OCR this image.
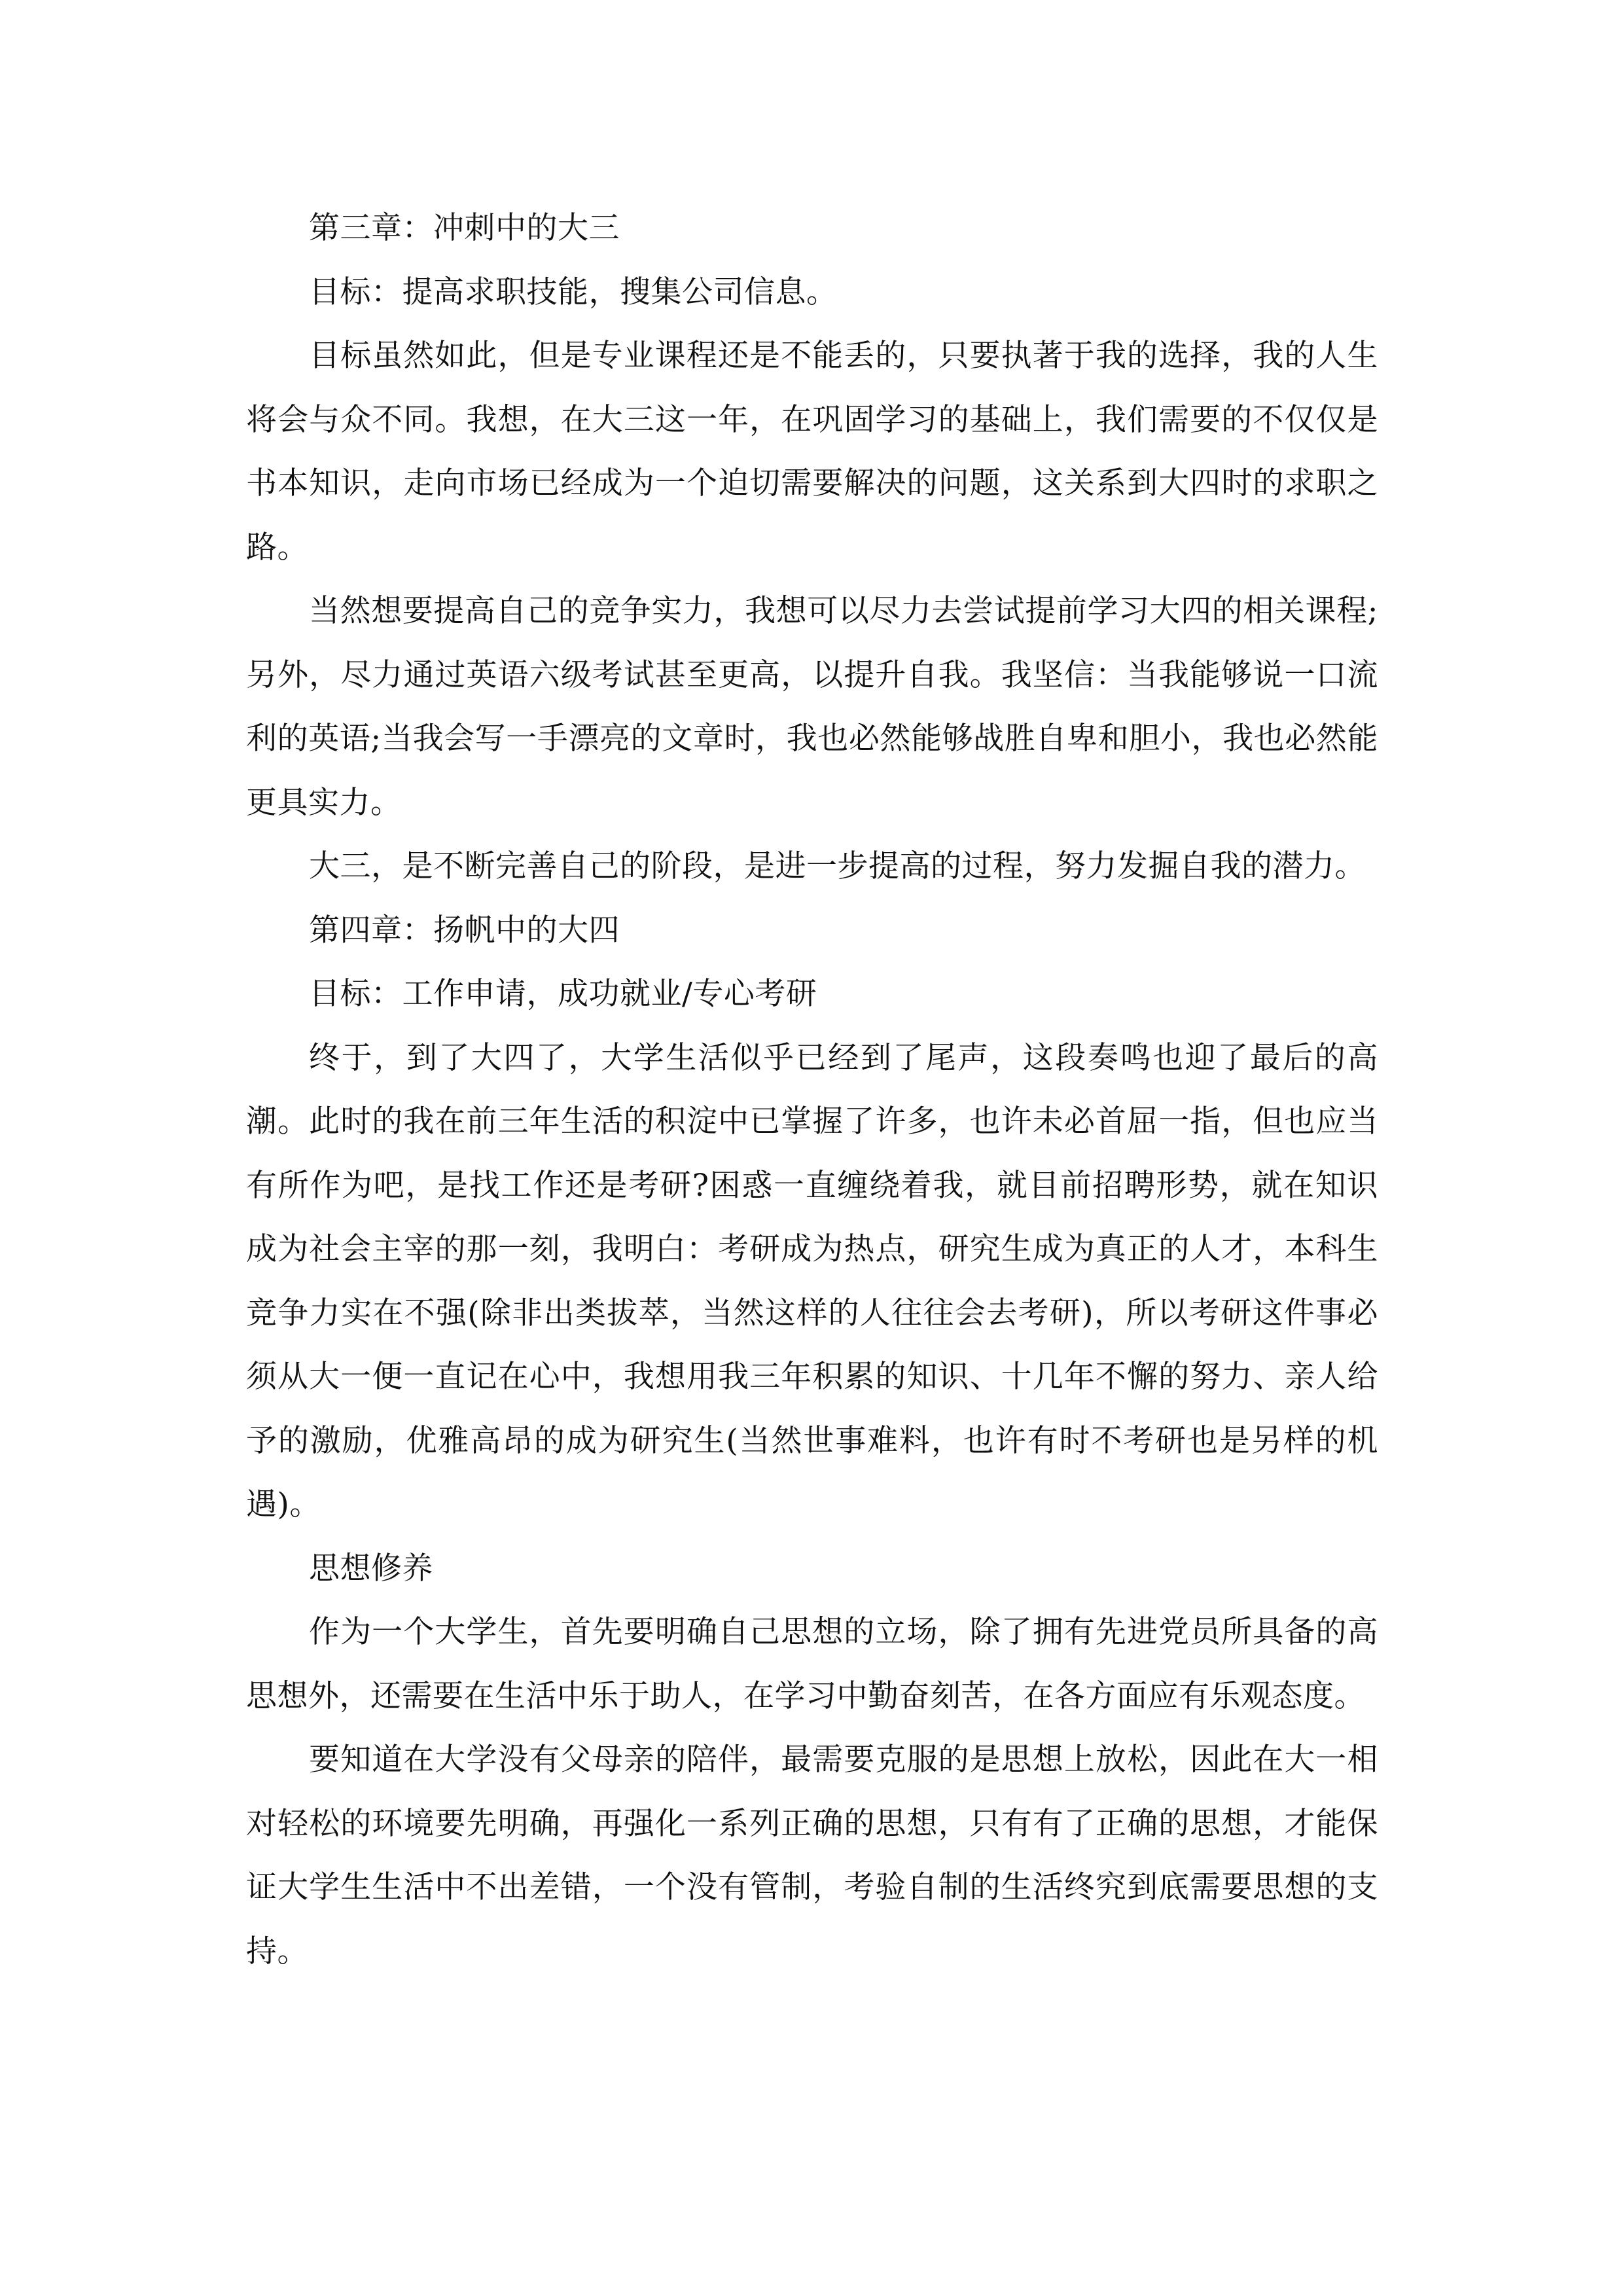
第三章：冲刺中的大三

目标：提高求职技能，搜集公司信息。

目标虽然如此，但是专业课程还是不能丢的，只要执著于我的选择，我的人生将会与众不同。我想，在大三这一年，在巩固学习的基础上，我们需要的不仅仅是书本知识，走向市场已经成为一个迫切需要解决的问题，这关系到大四时的求职之路。

当然想要提高自己的竞争实力，我想可以尽力去尝试提前学习大四的相关课程;另外，尽力通过英语六级考试甚至更高，以提升自我。我坚信：当我能够说一口流利的英语;当我会写一手漂亮的文章时，我也必然能够战胜自卑和胆小，我也必然能更具实力。

大三，是不断完善自己的阶段，是进一步提高的过程，努力发掘自我的潜力。

第四章：扬帆中的大四

目标：工作申请，成功就业/专心考研

终于，到了大四了，大学生活似乎已经到了尾声，这段奏鸣也迎了最后的高潮。此时的我在前三年生活的积淀中已掌握了许多，也许未必首屈一指，但也应当有所作为吧，是找工作还是考研?困惑一直缠绕着我，就目前招聘形势，就在知识成为社会主宰的那一刻，我明白：考研成为热点，研究生成为真正的人才，本科生竞争力实在不强(除非出类拔萃，当然这样的人往往会去考研)，所以考研这件事必须从大一便一直记在心中，我想用我三年积累的知识、十几年不懈的努力、亲人给予的激励，优雅高昂的成为研究生(当然世事难料，也许有时不考研也是另样的机遇)。

思想修养

作为一个大学生，首先要明确自己思想的立场，除了拥有先进党员所具备的高思想外，还需要在生活中乐于助人，在学习中勤奋刻苦，在各方面应有乐观态度。

要知道在大学没有父母亲的陪伴，最需要克服的是思想上放松，因此在大一相对轻松的环境要先明确，再强化一系列正确的思想，只有有了正确的思想，才能保证大学生生活中不出差错，一个没有管制，考验自制的生活终究到底需要思想的支持。
